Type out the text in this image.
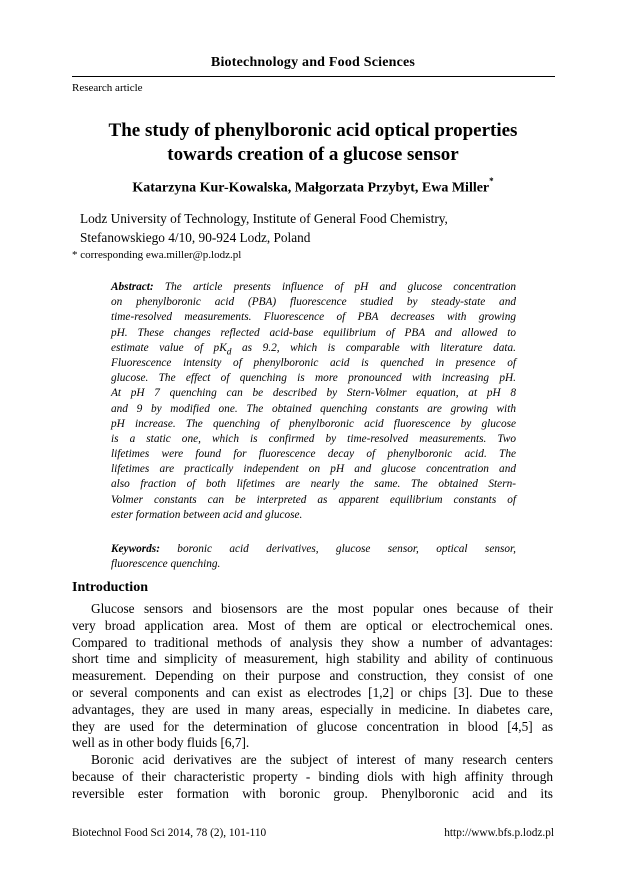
Biotechnology and Food Sciences
Research article
The study of phenylboronic acid optical properties
towards creation of a glucose sensor
Katarzyna Kur-Kowalska, Małgorzata Przybyt, Ewa Miller*
Lodz University of Technology, Institute of General Food Chemistry,
Stefanowskiego 4/10, 90-924 Lodz, Poland
* corresponding ewa.miller@p.lodz.pl
Abstract: The article presents influence of pH and glucose concentration
on phenylboronic acid (PBA) fluorescence studied by steady-state and
time-resolved measurements. Fluorescence of PBA decreases with growing
pH. These changes reflected acid-base equilibrium of PBA and allowed to
estimate value of $pK_d$ as 9.2, which is comparable with literature data.
Fluorescence intensity of phenylboronic acid is quenched in presence of
glucose. The effect of quenching is more pronounced with increasing pH.
At pH 7 quenching can be described by Stern-Volmer equation, at pH 8
and 9 by modified one. The obtained quenching constants are growing with
pH increase. The quenching of phenylboronic acid fluorescence by glucose
is a static one, which is confirmed by time-resolved measurements. Two
lifetimes were found for fluorescence decay of phenylboronic acid. The
lifetimes are practically independent on pH and glucose concentration and
also fraction of both lifetimes are nearly the same. The obtained Stern-
Volmer constants can be interpreted as apparent equilibrium constants of
ester formation between acid and glucose.
Keywords: boronic acid derivatives, glucose sensor, optical sensor,
fluorescence quenching.
Introduction
Glucose sensors and biosensors are the most popular ones because of their
very broad application area. Most of them are optical or electrochemical ones.
Compared to traditional methods of analysis they show a number of advantages:
short time and simplicity of measurement, high stability and ability of continuous
measurement. Depending on their purpose and construction, they consist of one
or several components and can exist as electrodes [1,2] or chips [3]. Due to these
advantages, they are used in many areas, especially in medicine. In diabetes care,
they are used for the determination of glucose concentration in blood [4,5] as
well as in other body fluids [6,7].
Boronic acid derivatives are the subject of interest of many research centers
because of their characteristic property - binding diols with high affinity through
reversible ester formation with boronic group. Phenylboronic acid and its
Biotechnol Food Sci 2014, 78 (2), 101-110	http://www.bfs.p.lodz.pl
